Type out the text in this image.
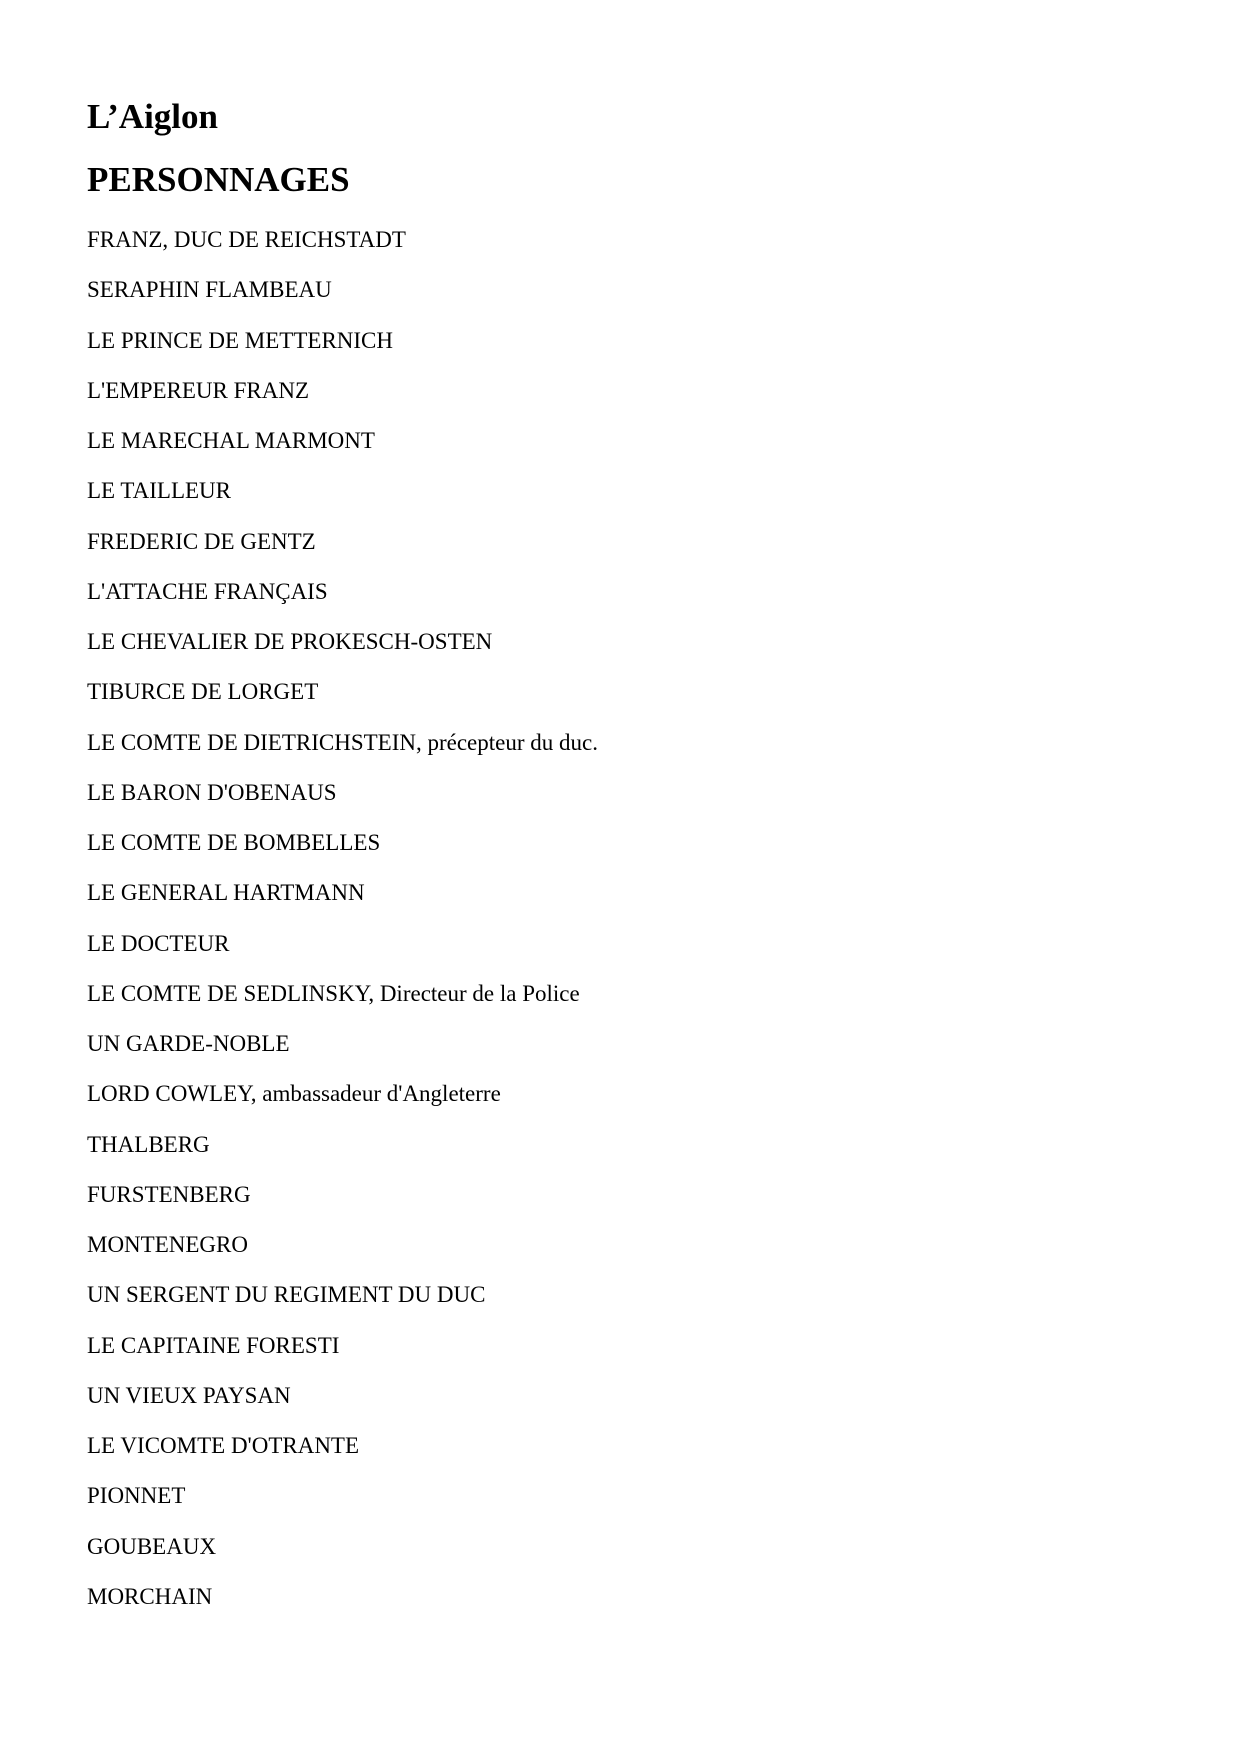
L’Aiglon
PERSONNAGES
FRANZ, DUC DE REICHSTADT
SERAPHIN FLAMBEAU
LE PRINCE DE METTERNICH
L'EMPEREUR FRANZ
LE MARECHAL MARMONT
LE TAILLEUR
FREDERIC DE GENTZ
L'ATTACHE FRANÇAIS
LE CHEVALIER DE PROKESCH-OSTEN
TIBURCE DE LORGET
LE COMTE DE DIETRICHSTEIN, précepteur du duc.
LE BARON D'OBENAUS
LE COMTE DE BOMBELLES
LE GENERAL HARTMANN
LE DOCTEUR
LE COMTE DE SEDLINSKY, Directeur de la Police
UN GARDE-NOBLE
LORD COWLEY, ambassadeur d'Angleterre
THALBERG
FURSTENBERG
MONTENEGRO
UN SERGENT DU REGIMENT DU DUC
LE CAPITAINE FORESTI
UN VIEUX PAYSAN
LE VICOMTE D'OTRANTE
PIONNET
GOUBEAUX
MORCHAIN
